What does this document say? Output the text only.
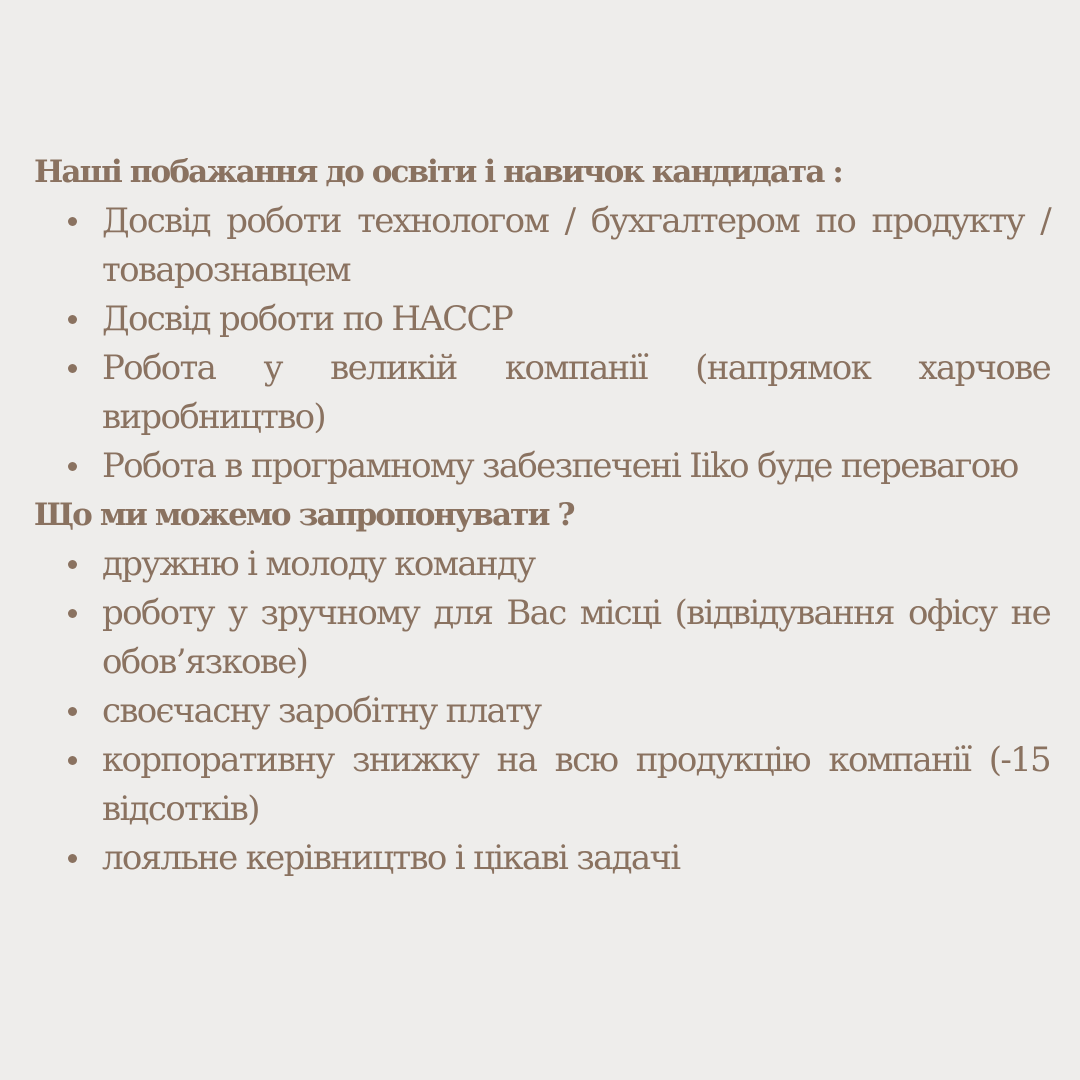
Наші побажання до освіти і навичок кандидата :
Досвід роботи технологом / бухгалтером по продукту / товарознавцем
Досвід роботи по HACCP
Робота у великій компанії (напрямок харчове виробництво)
Робота в програмному забезпечені Iiko буде перевагою
Що ми можемо запропонувати ?
дружню і молоду команду
роботу у зручному для Вас місці (відвідування офісу не обов’язкове)
своєчасну заробітну плату
корпоративну знижку на всю продукцію компанії (-15 відсотків)
лояльне керівництво і цікаві задачі
